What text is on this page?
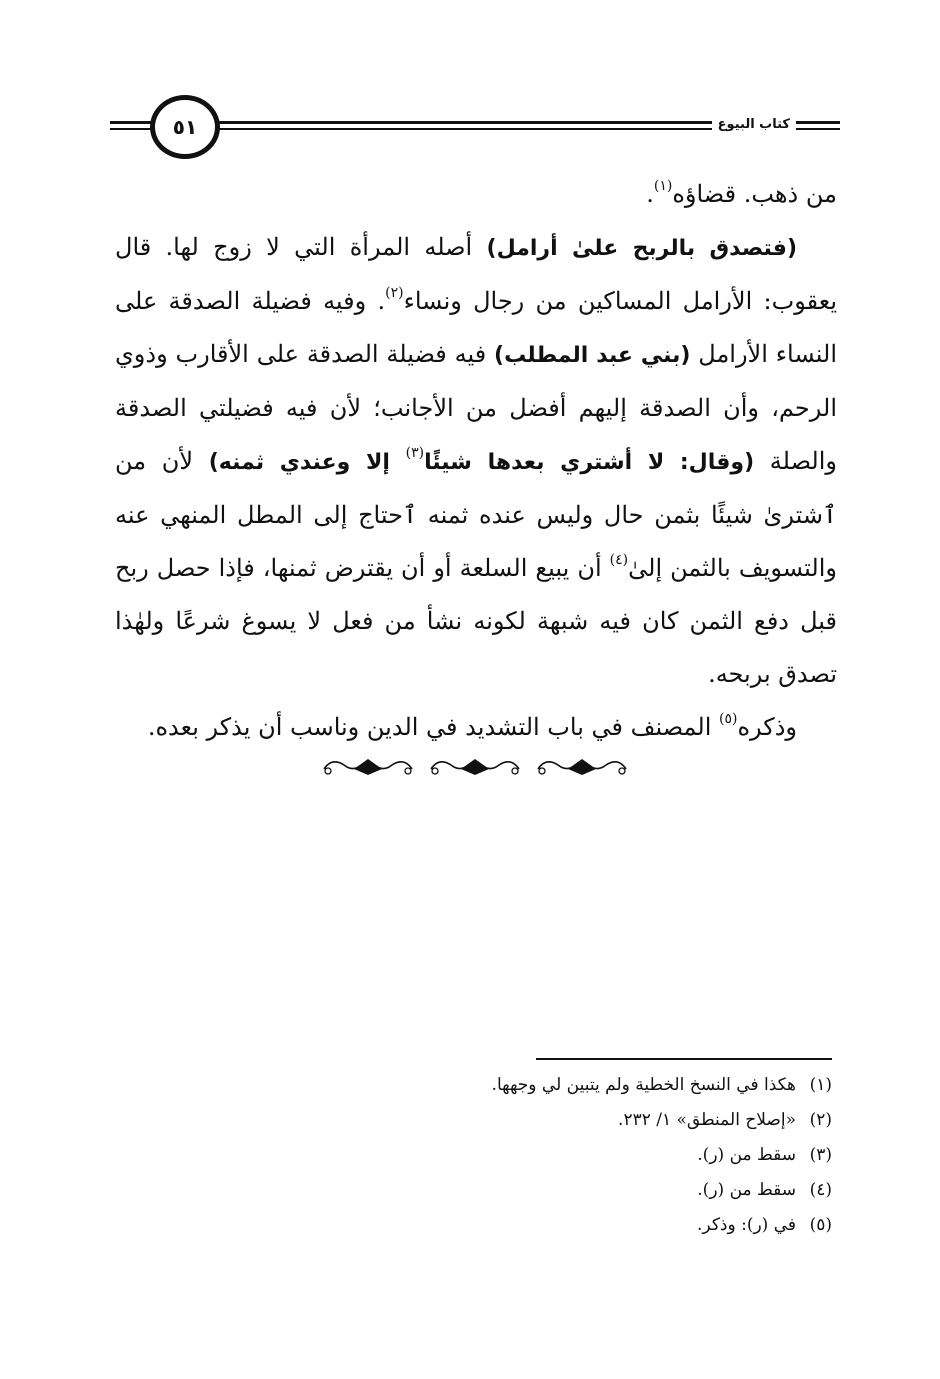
٥١	كتاب البيوع

من ذهب. قضاؤه$^{(١)}$.

(فتصدق بالربح علىٰ أرامل) أصله المرأة التي لا زوج لها. قال يعقوب: الأرامل المساكين من رجال ونساء$^{(٢)}$. وفيه فضيلة الصدقة على النساء الأرامل (بني عبد المطلب) فيه فضيلة الصدقة على الأقارب وذوي الرحم، وأن الصدقة إليهم أفضل من الأجانب؛ لأن فيه فضيلتي الصدقة والصلة (وقال: لا أشتري بعدها شيئًا$^{(٣)}$ إلا وعندي ثمنه) لأن من ٱشترىٰ شيئًا بثمن حال وليس عنده ثمنه ٱحتاج إلى المطل المنهي عنه والتسويف بالثمن إلىٰ$^{(٤)}$ أن يبيع السلعة أو أن يقترض ثمنها، فإذا حصل ربح قبل دفع الثمن كان فيه شبهة لكونه نشأ من فعل لا يسوغ شرعًا ولهٰذا تصدق بربحه.

وذكره$^{(٥)}$ المصنف في باب التشديد في الدين وناسب أن يذكر بعده.

(١)
هكذا في النسخ الخطية ولم يتبين لي وجهها.
(٢)
«إصلاح المنطق» ١/ ٢٣٢.
(٣)
سقط من (ر).
(٤)
سقط من (ر).
(٥)
في (ر): وذكر.
